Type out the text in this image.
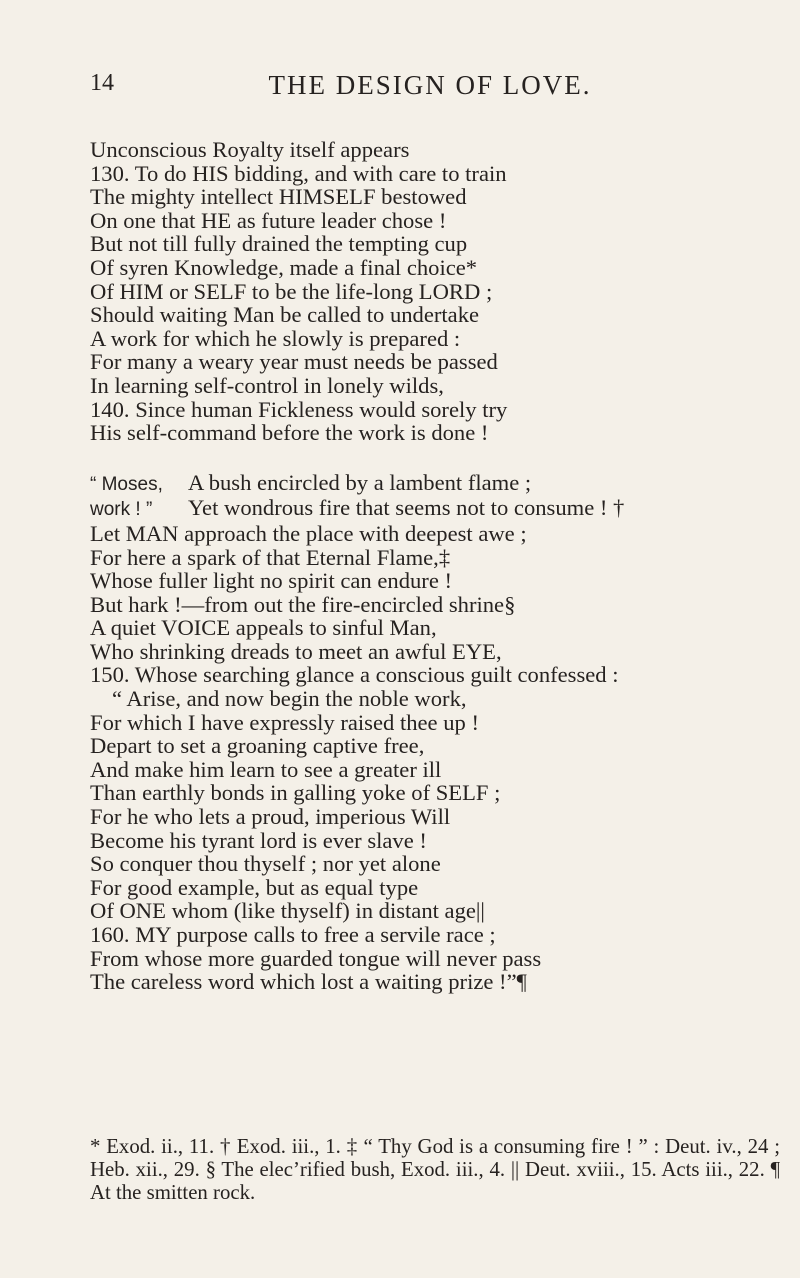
14	THE DESIGN OF LOVE.
Unconscious Royalty itself appears
130. To do HIS bidding, and with care to train
The mighty intellect HIMSELF bestowed
On one that HE as future leader chose !
But not till fully drained the tempting cup
Of syren Knowledge, made a final choice*
Of HIM or SELF to be the life-long LORD ;
Should waiting Man be called to undertake
A work for which he slowly is prepared :
For many a weary year must needs be passed
In learning self-control in lonely wilds,
140. Since human Fickleness would sorely try
His self-command before the work is done !
“ Moses, A bush encircled by a lambent flame ;
work ! ” Yet wondrous fire that seems not to consume ! †
Let MAN approach the place with deepest awe ;
For here a spark of that Eternal Flame,‡
Whose fuller light no spirit can endure !
But hark !—from out the fire-encircled shrine§
A quiet VOICE appeals to sinful Man,
Who shrinking dreads to meet an awful EYE,
150. Whose searching glance a conscious guilt confessed :
“ Arise, and now begin the noble work,
For which I have expressly raised thee up !
Depart to set a groaning captive free,
And make him learn to see a greater ill
Than earthly bonds in galling yoke of SELF ;
For he who lets a proud, imperious Will
Become his tyrant lord is ever slave !
So conquer thou thyself ; nor yet alone
For good example, but as equal type
Of ONE whom (like thyself) in distant age||
160. MY purpose calls to free a servile race ;
From whose more guarded tongue will never pass
The careless word which lost a waiting prize !”¶
* Exod. ii., 11. † Exod. iii., 1. ‡ “ Thy God is a consuming fire ! ” : Deut. iv., 24 ; Heb. xii., 29. § The elec’rified bush, Exod. iii., 4. || Deut. xviii., 15. Acts iii., 22. ¶ At the smitten rock.
